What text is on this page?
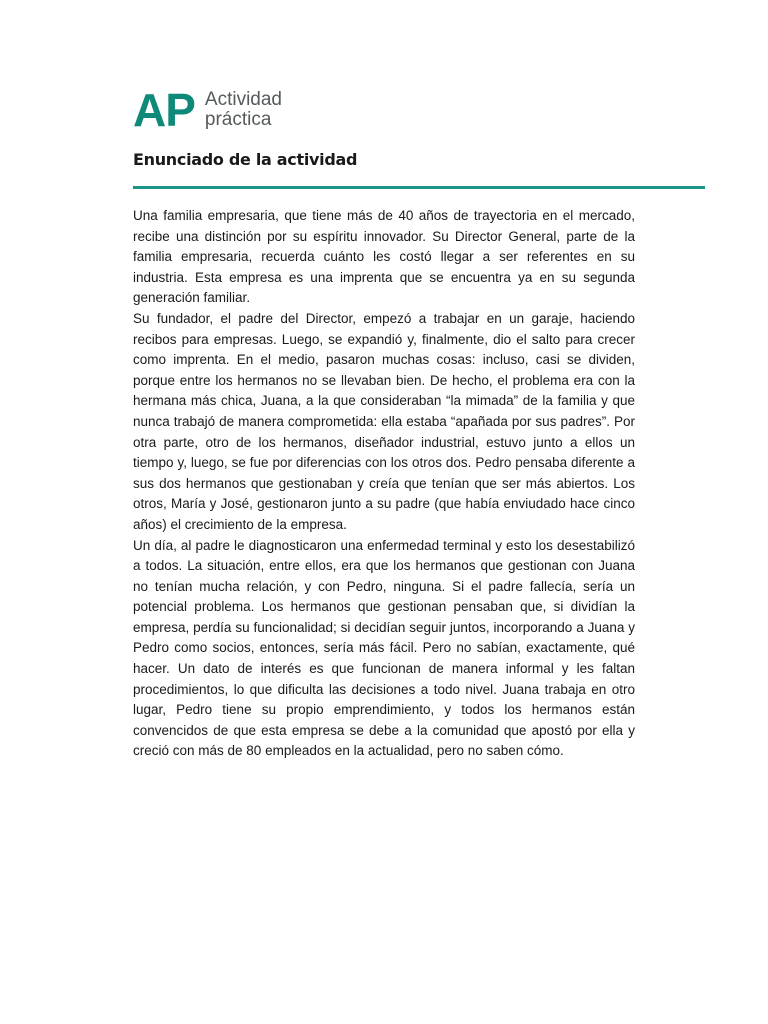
AP Actividad
práctica
Enunciado de la actividad

Una familia empresaria, que tiene más de 40 años de trayectoria en el mercado, recibe una distinción por su espíritu innovador. Su Director General, parte de la familia empresaria, recuerda cuánto les costó llegar a ser referentes en su industria. Esta empresa es una imprenta que se encuentra ya en su segunda generación familiar.

Su fundador, el padre del Director, empezó a trabajar en un garaje, haciendo recibos para empresas. Luego, se expandió y, finalmente, dio el salto para crecer como imprenta. En el medio, pasaron muchas cosas: incluso, casi se dividen, porque entre los hermanos no se llevaban bien. De hecho, el problema era con la hermana más chica, Juana, a la que consideraban “la mimada” de la familia y que nunca trabajó de manera comprometida: ella estaba “apañada por sus padres”. Por otra parte, otro de los hermanos, diseñador industrial, estuvo junto a ellos un tiempo y, luego, se fue por diferencias con los otros dos. Pedro pensaba diferente a sus dos hermanos que gestionaban y creía que tenían que ser más abiertos. Los otros, María y José, gestionaron junto a su padre (que había enviudado hace cinco años) el crecimiento de la empresa.

Un día, al padre le diagnosticaron una enfermedad terminal y esto los desestabilizó a todos. La situación, entre ellos, era que los hermanos que gestionan con Juana no tenían mucha relación, y con Pedro, ninguna. Si el padre fallecía, sería un potencial problema. Los hermanos que gestionan pensaban que, si dividían la empresa, perdía su funcionalidad; si decidían seguir juntos, incorporando a Juana y Pedro como socios, entonces, sería más fácil. Pero no sabían, exactamente, qué hacer. Un dato de interés es que funcionan de manera informal y les faltan procedimientos, lo que dificulta las decisiones a todo nivel. Juana trabaja en otro lugar, Pedro tiene su propio emprendimiento, y todos los hermanos están convencidos de que esta empresa se debe a la comunidad que apostó por ella y creció con más de 80 empleados en la actualidad, pero no saben cómo.
